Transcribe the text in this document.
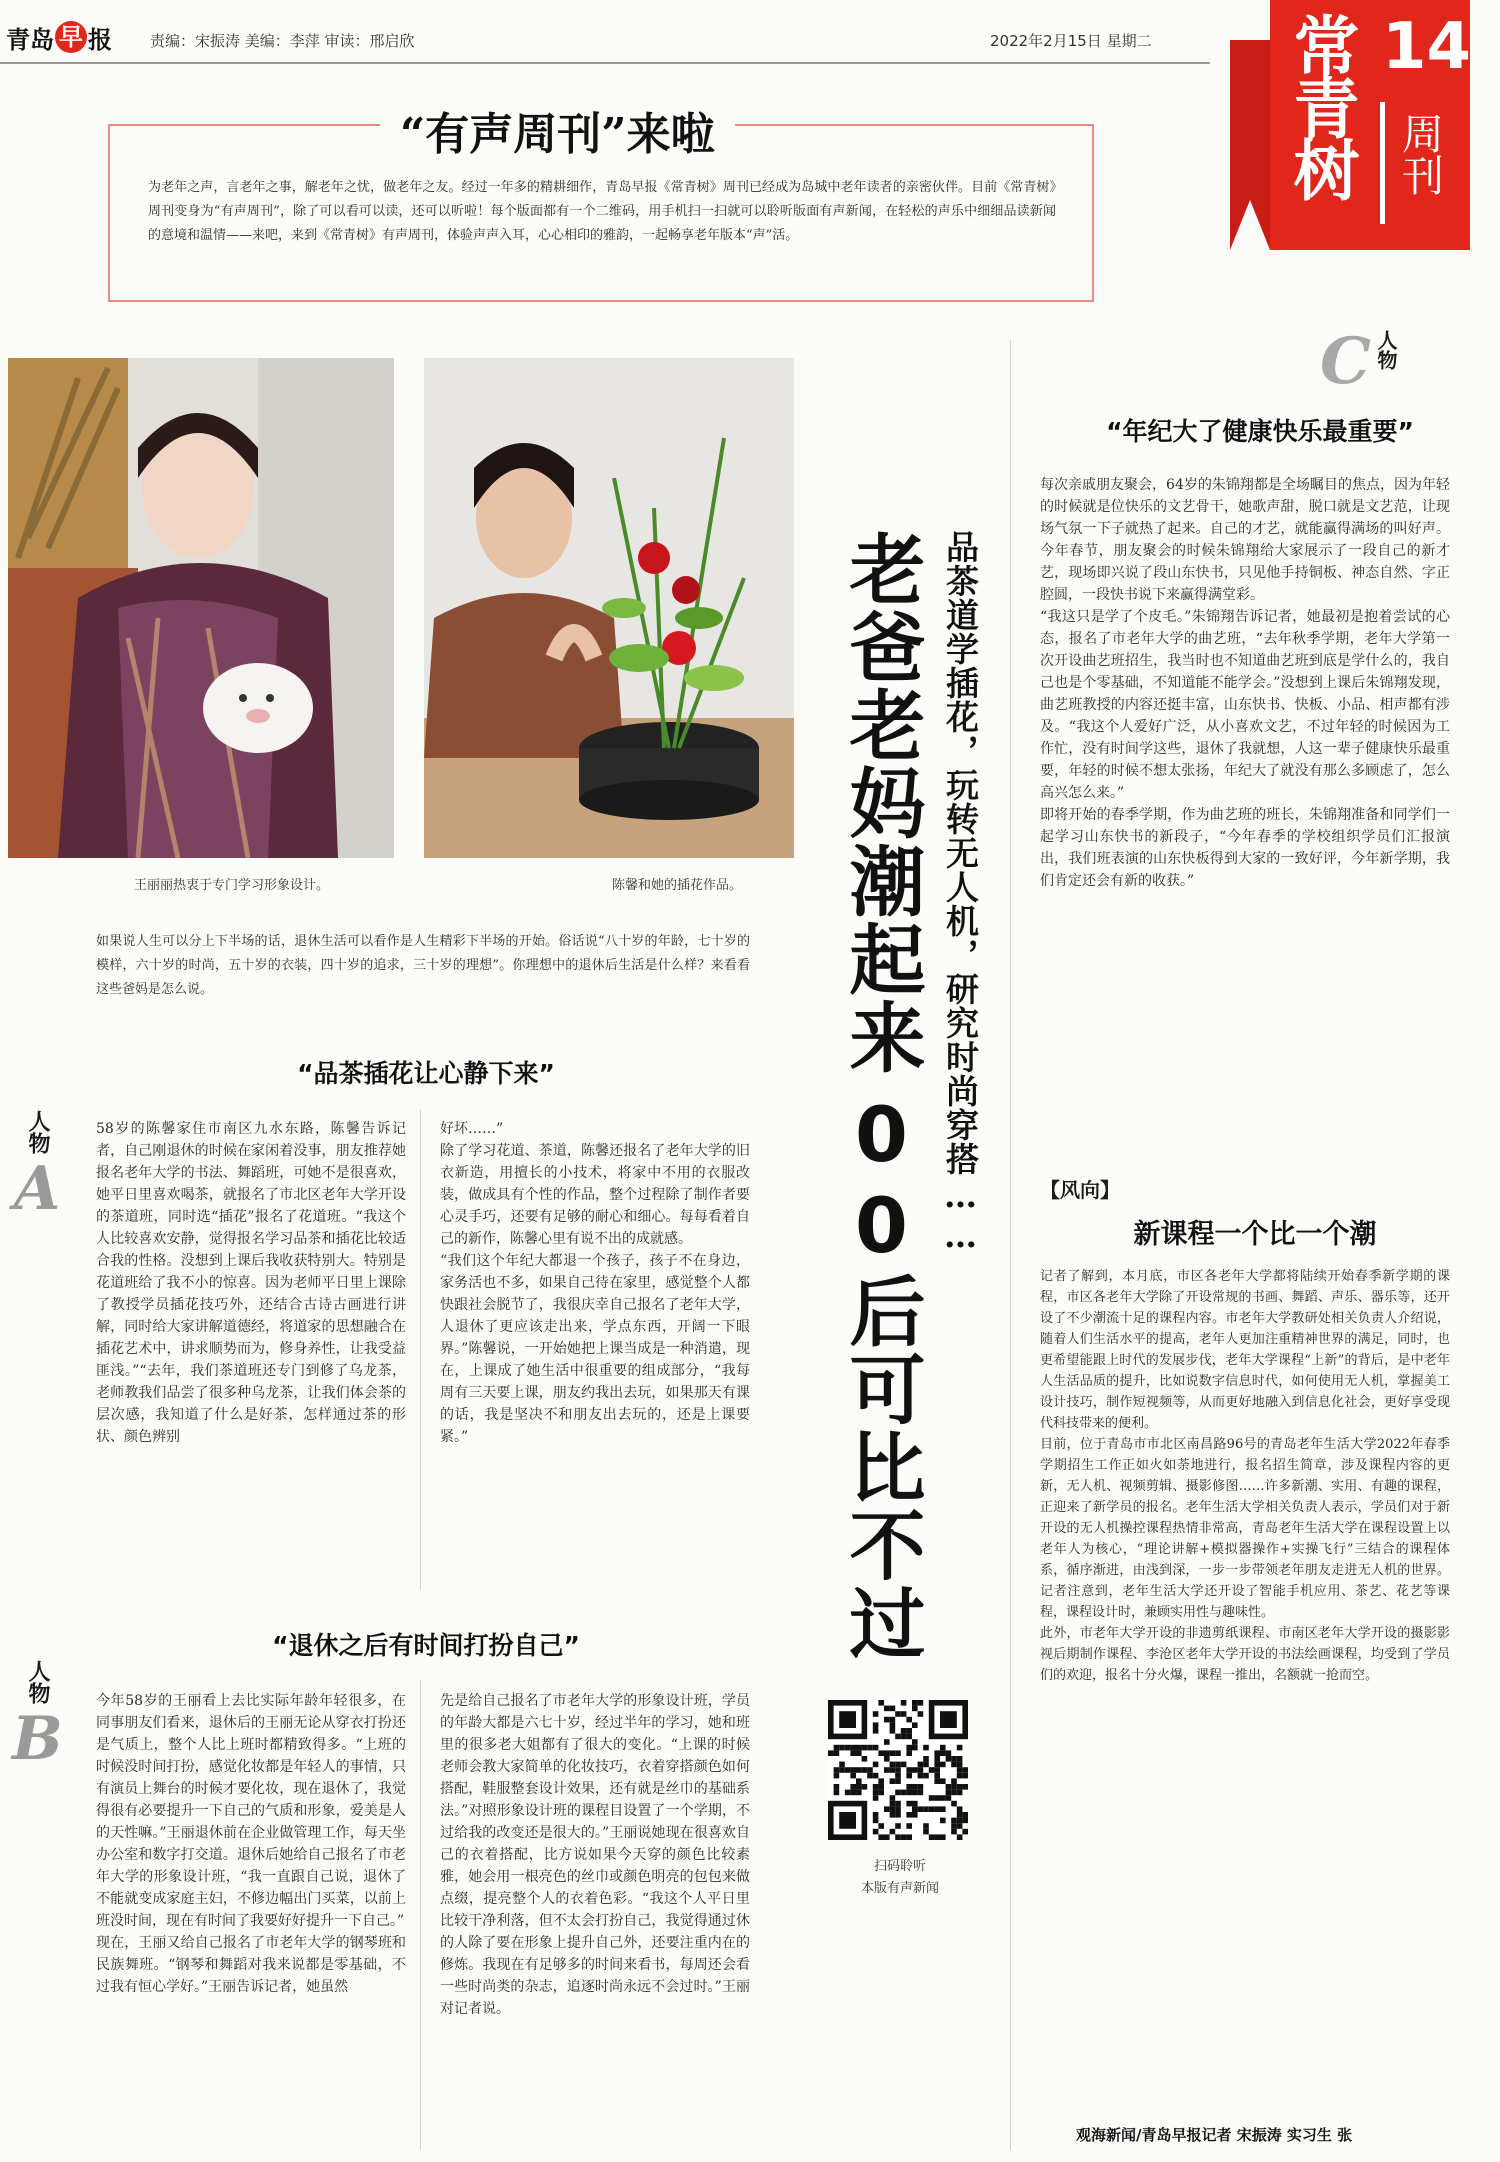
青岛 早 报	责编：宋振涛 美编：李萍 审读：邢启欣	2022年2月15日 星期二 常青树 14
周刊
“有声周刊”来啦
为老年之声，言老年之事，解老年之忧，做老年之友。经过一年多的精耕细作，青岛早报《常青树》周刊已经成为岛城中老年读者的亲密伙伴。目前《常青树》周刊变身为“有声周刊”，除了可以看可以读，还可以听啦！每个版面都有一个二维码，用手机扫一扫就可以聆听版面有声新闻，在轻松的声乐中细细品读新闻的意境和温情——来吧，来到《常青树》有声周刊，体验声声入耳，心心相印的雅韵，一起畅享老年版本“声”活。
王丽丽热衷于专门学习形象设计。	陈馨和她的插花作品。 老爸老妈潮起来
00后可比不过
品茶道学插花，玩转无人机，研究时尚穿搭……
如果说人生可以分上下半场的话，退休生活可以看作是人生精彩下半场的开始。俗话说“八十岁的年龄，七十岁的模样，六十岁的时尚，五十岁的衣装，四十岁的追求，三十岁的理想”。你理想中的退休后生活是什么样？来看看这些爸妈是怎么说。
人物
A
“品茶插花让心静下来”
58岁的陈馨家住市南区九水东路，陈馨告诉记者，自己刚退休的时候在家闲着没事，朋友推荐她报名老年大学的书法、舞蹈班，可她不是很喜欢，她平日里喜欢喝茶，就报名了市北区老年大学开设的茶道班，同时选“插花”报名了花道班。“我这个人比较喜欢安静，觉得报名学习品茶和插花比较适合我的性格。没想到上课后我收获特别大。特别是花道班给了我不小的惊喜。因为老师平日里上课除了教授学员插花技巧外，还结合古诗古画进行讲解，同时给大家讲解道德经，将道家的思想融合在插花艺术中，讲求顺势而为，修身养性，让我受益匪浅。”“去年，我们茶道班还专门到修了乌龙茶，老师教我们品尝了很多种乌龙茶，让我们体会茶的层次感，我知道了什么是好茶，怎样通过茶的形状、颜色辨别
好坏……”
除了学习花道、茶道，陈馨还报名了老年大学的旧衣新造，用擅长的小技术，将家中不用的衣服改装，做成具有个性的作品，整个过程除了制作者要心灵手巧，还要有足够的耐心和细心。每每看着自己的新作，陈馨心里有说不出的成就感。
“我们这个年纪大都退一个孩子，孩子不在身边，家务活也不多，如果自己待在家里，感觉整个人都快跟社会脱节了，我很庆幸自己报名了老年大学，人退休了更应该走出来，学点东西，开阔一下眼界。”陈馨说，一开始她把上课当成是一种消遣，现在，上课成了她生活中很重要的组成部分，“我每周有三天要上课，朋友约我出去玩，如果那天有课的话，我是坚决不和朋友出去玩的，还是上课要紧。”
人物
B
“退休之后有时间打扮自己”
今年58岁的王丽看上去比实际年龄年轻很多，在同事朋友们看来，退休后的王丽无论从穿衣打扮还是气质上，整个人比上班时都精致得多。“上班的时候没时间打扮，感觉化妆都是年轻人的事情，只有演员上舞台的时候才要化妆，现在退休了，我觉得很有必要提升一下自己的气质和形象，爱美是人的天性嘛。”王丽退休前在企业做管理工作，每天坐办公室和数字打交道。退休后她给自己报名了市老年大学的形象设计班，“我一直跟自己说，退休了不能就变成家庭主妇，不修边幅出门买菜，以前上班没时间，现在有时间了我要好好提升一下自己。”
现在，王丽又给自己报名了市老年大学的钢琴班和民族舞班。“钢琴和舞蹈对我来说都是零基础，不过我有恒心学好。”王丽告诉记者，她虽然
先是给自己报名了市老年大学的形象设计班，学员的年龄大都是六七十岁，经过半年的学习，她和班里的很多老大姐都有了很大的变化。“上课的时候老师会教大家简单的化妆技巧，衣着穿搭颜色如何搭配，鞋服整套设计效果，还有就是丝巾的基础系法。”对照形象设计班的课程目设置了一个学期，不过给我的改变还是很大的。”王丽说她现在很喜欢自己的衣着搭配，比方说如果今天穿的颜色比较素雅，她会用一根亮色的丝巾或颜色明亮的包包来做点缀，提亮整个人的衣着色彩。“我这个人平日里比较干净利落，但不太会打扮自己，我觉得通过休的人除了要在形象上提升自己外，还要注重内在的修炼。我现在有足够多的时间来看书，每周还会看一些时尚类的杂志，追逐时尚永远不会过时。”王丽对记者说。
扫码聆听
本版有声新闻
C 人物
“年纪大了健康快乐最重要”
每次亲戚朋友聚会，64岁的朱锦翔都是全场瞩目的焦点，因为年轻的时候就是位快乐的文艺骨干，她歌声甜，脱口就是文艺范，让现场气氛一下子就热了起来。自己的才艺，就能赢得满场的叫好声。今年春节，朋友聚会的时候朱锦翔给大家展示了一段自己的新才艺，现场即兴说了段山东快书，只见他手持铜板、神态自然、字正腔圆，一段快书说下来赢得满堂彩。
“我这只是学了个皮毛。”朱锦翔告诉记者，她最初是抱着尝试的心态，报名了市老年大学的曲艺班，“去年秋季学期，老年大学第一次开设曲艺班招生，我当时也不知道曲艺班到底是学什么的，我自己也是个零基础，不知道能不能学会。”没想到上课后朱锦翔发现，曲艺班教授的内容还挺丰富，山东快书、快板、小品、相声都有涉及。“我这个人爱好广泛，从小喜欢文艺，不过年轻的时候因为工作忙，没有时间学这些，退休了我就想，人这一辈子健康快乐最重要，年轻的时候不想太张扬，年纪大了就没有那么多顾虑了，怎么高兴怎么来。”
即将开始的春季学期，作为曲艺班的班长，朱锦翔准备和同学们一起学习山东快书的新段子，“今年春季的学校组织学员们汇报演出，我们班表演的山东快板得到大家的一致好评，今年新学期，我们肯定还会有新的收获。”
【风向】
新课程一个比一个潮
记者了解到，本月底，市区各老年大学都将陆续开始春季新学期的课程，市区各老年大学除了开设常规的书画、舞蹈、声乐、器乐等，还开设了不少潮流十足的课程内容。市老年大学教研处相关负责人介绍说，随着人们生活水平的提高，老年人更加注重精神世界的满足，同时，也更希望能跟上时代的发展步伐，老年大学课程“上新”的背后，是中老年人生活品质的提升，比如说数字信息时代，如何使用无人机，掌握美工设计技巧，制作短视频等，从而更好地融入到信息化社会，更好享受现代科技带来的便利。
目前，位于青岛市市北区南昌路96号的青岛老年生活大学2022年春季学期招生工作正如火如荼地进行，报名招生简章，涉及课程内容的更新，无人机、视频剪辑、摄影修图……许多新潮、实用、有趣的课程，正迎来了新学员的报名。老年生活大学相关负责人表示，学员们对于新开设的无人机操控课程热情非常高，青岛老年生活大学在课程设置上以老年人为核心，“理论讲解+模拟器操作+实操飞行”三结合的课程体系，循序渐进，由浅到深，一步一步带领老年朋友走进无人机的世界。记者注意到，老年生活大学还开设了智能手机应用、茶艺、花艺等课程，课程设计时，兼顾实用性与趣味性。
此外，市老年大学开设的非遗剪纸课程、市南区老年大学开设的摄影影视后期制作课程、李沧区老年大学开设的书法绘画课程，均受到了学员们的欢迎，报名十分火爆，课程一推出，名额就一抢而空。
观海新闻/青岛早报记者 宋振涛 实习生 张
